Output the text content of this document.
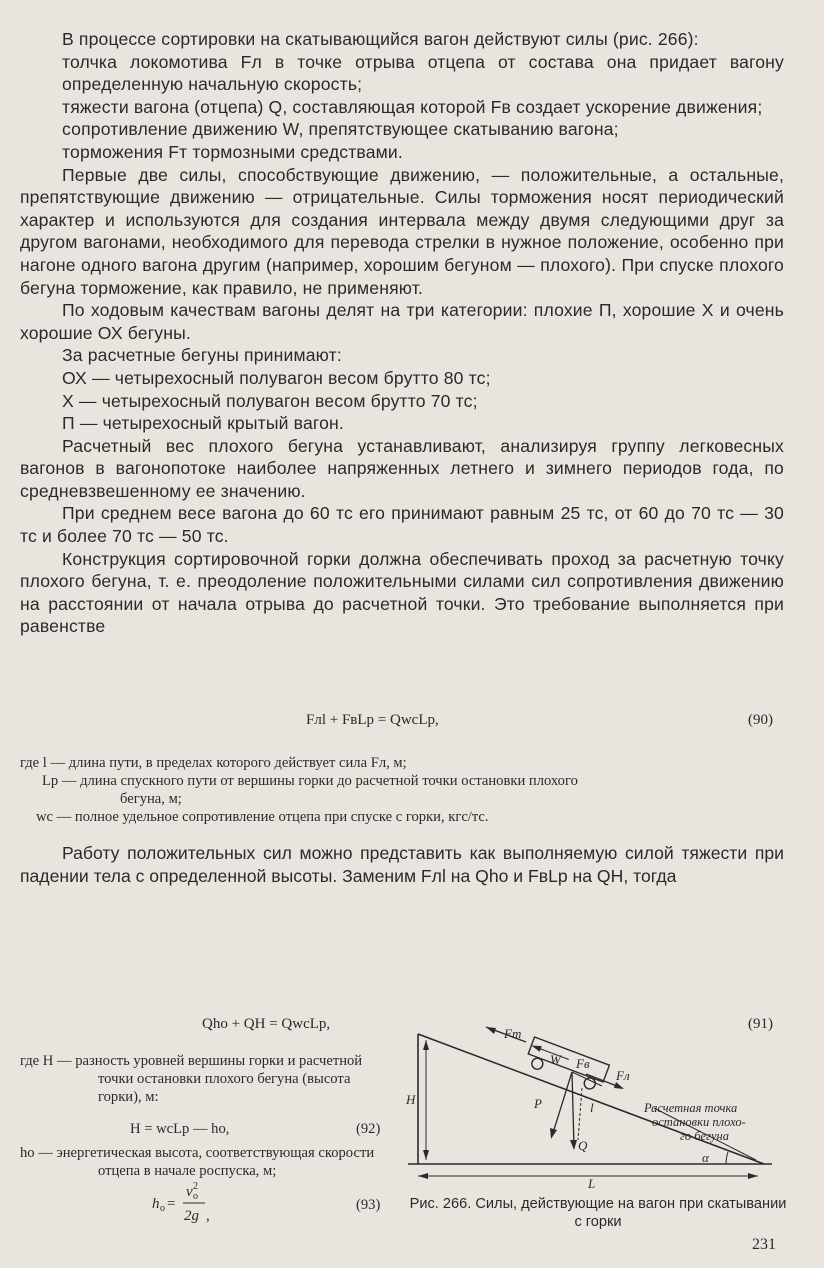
В процессе сортировки на скатывающийся вагон действуют силы (рис. 266):

толчка локомотива Fл в точке отрыва отцепа от состава она придает вагону определенную начальную скорость;

тяжести вагона (отцепа) Q, составляющая которой Fв создает ускорение движения;

сопротивление движению W, препятствующее скатыванию вагона;

торможения Fт тормозными средствами.

Первые две силы, способствующие движению, — положительные, а остальные, препятствующие движению — отрицательные. Силы торможения носят периодический характер и используются для создания интервала между двумя следующими друг за другом вагонами, необходимого для перевода стрелки в нужное положение, особенно при нагоне одного вагона другим (например, хорошим бегуном — плохого). При спуске плохого бегуна торможение, как правило, не применяют.

По ходовым качествам вагоны делят на три категории: плохие П, хорошие Х и очень хорошие ОХ бегуны.

За расчетные бегуны принимают:

ОХ — четырехосный полувагон весом брутто 80 тс;

Х — четырехосный полувагон весом брутто 70 тс;

П — четырехосный крытый вагон.

Расчетный вес плохого бегуна устанавливают, анализируя группу легковесных вагонов в вагонопотоке наиболее напряженных летнего и зимнего периодов года, по средневзвешенному ее значению.

При среднем весе вагона до 60 тс его принимают равным 25 тс, от 60 до 70 тс — 30 тс и более 70 тс — 50 тс.

Конструкция сортировочной горки должна обеспечивать проход за расчетную точку плохого бегуна, т. е. преодоление положительными силами сил сопротивления движению на расстоянии от начала отрыва до расчетной точки. Это требование выполняется при равенстве

Fлl + FвLр = QwсLр,	(90)

где l — длина пути, в пределах которого действует сила Fл, м;

Lр — длина спускного пути от вершины горки до расчетной точки остановки плохого

бегуна, м;

wс — полное удельное сопротивление отцепа при спуске с горки, кгс/тс.

Работу положительных сил можно представить как выполняемую силой тяжести при падении тела с определенной высоты. Заменим Fлl на Qhо и FвLр на QH, тогда

Qhо + QH = QwсLр,	(91)

где H — разность уровней вершины горки и расчетной точки остановки плохого бегуна (высота горки), м:

H = wсLр — hо,	(92)

hо — энергетическая высота, соответствующая скорости отцепа в начале роспуска, м;

h о =
v о
2
2g ,
(93)
H
L
W
Fт
Fл
Fв
P
Q
l
α
Расчетная точка
остановки плохо-
го бегуна
Рис. 266. Силы, действующие на вагон при скатывании с горки
231
